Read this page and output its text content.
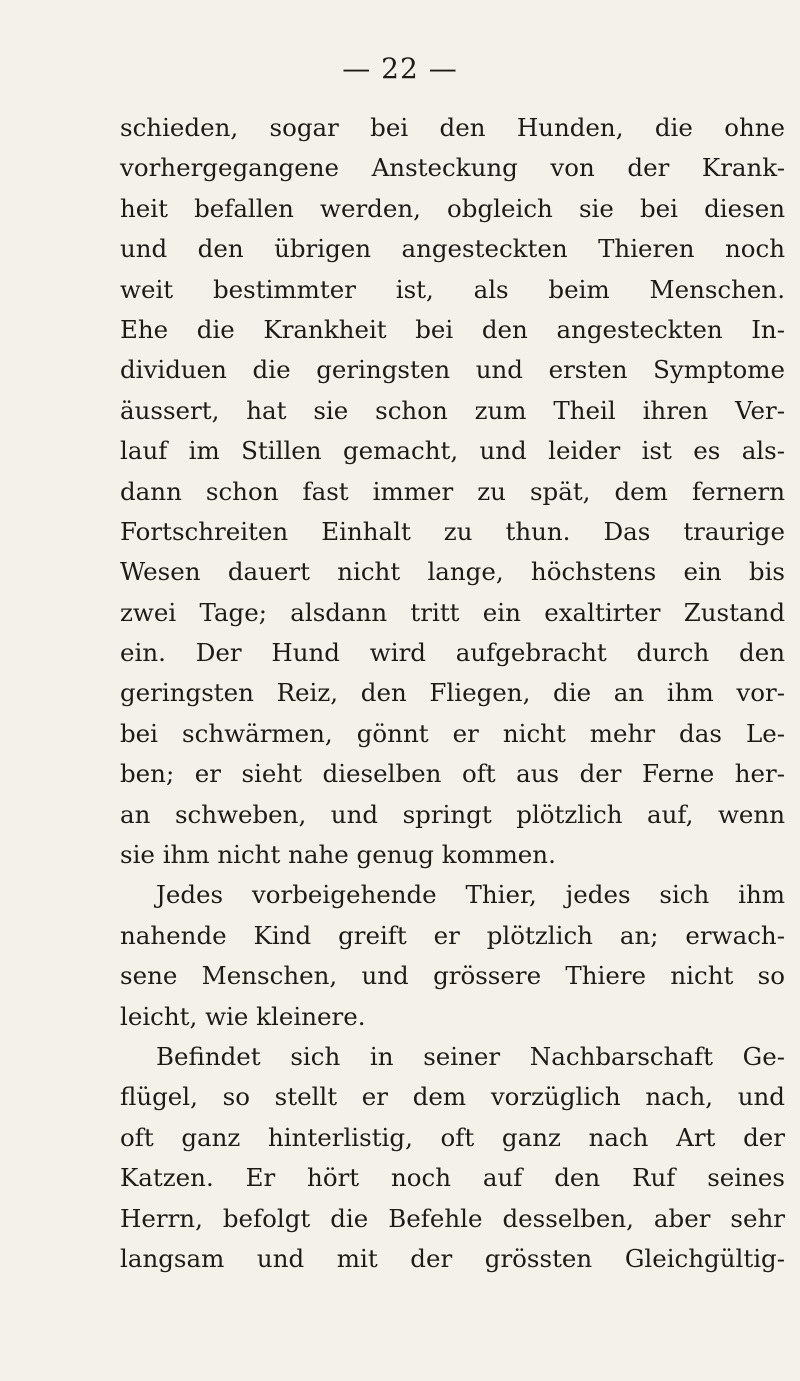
— 22 —
schieden, sogar bei den Hunden, die ohne
vorhergegangene Ansteckung von der Krank-
heit befallen werden, obgleich sie bei diesen
und den übrigen angesteckten Thieren noch
weit bestimmter ist, als beim Menschen.
Ehe die Krankheit bei den angesteckten In-
dividuen die geringsten und ersten Symptome
äussert, hat sie schon zum Theil ihren Ver-
lauf im Stillen gemacht, und leider ist es als-
dann schon fast immer zu spät, dem fernern
Fortschreiten Einhalt zu thun. Das traurige
Wesen dauert nicht lange, höchstens ein bis
zwei Tage; alsdann tritt ein exaltirter Zustand
ein. Der Hund wird aufgebracht durch den
geringsten Reiz, den Fliegen, die an ihm vor-
bei schwärmen, gönnt er nicht mehr das Le-
ben; er sieht dieselben oft aus der Ferne her-
an schweben, und springt plötzlich auf, wenn
sie ihm nicht nahe genug kommen.
Jedes vorbeigehende Thier, jedes sich ihm
nahende Kind greift er plötzlich an; erwach-
sene Menschen, und grössere Thiere nicht so
leicht, wie kleinere.
Befindet sich in seiner Nachbarschaft Ge-
flügel, so stellt er dem vorzüglich nach, und
oft ganz hinterlistig, oft ganz nach Art der
Katzen. Er hört noch auf den Ruf seines
Herrn, befolgt die Befehle desselben, aber sehr
langsam und mit der grössten Gleichgültig-
